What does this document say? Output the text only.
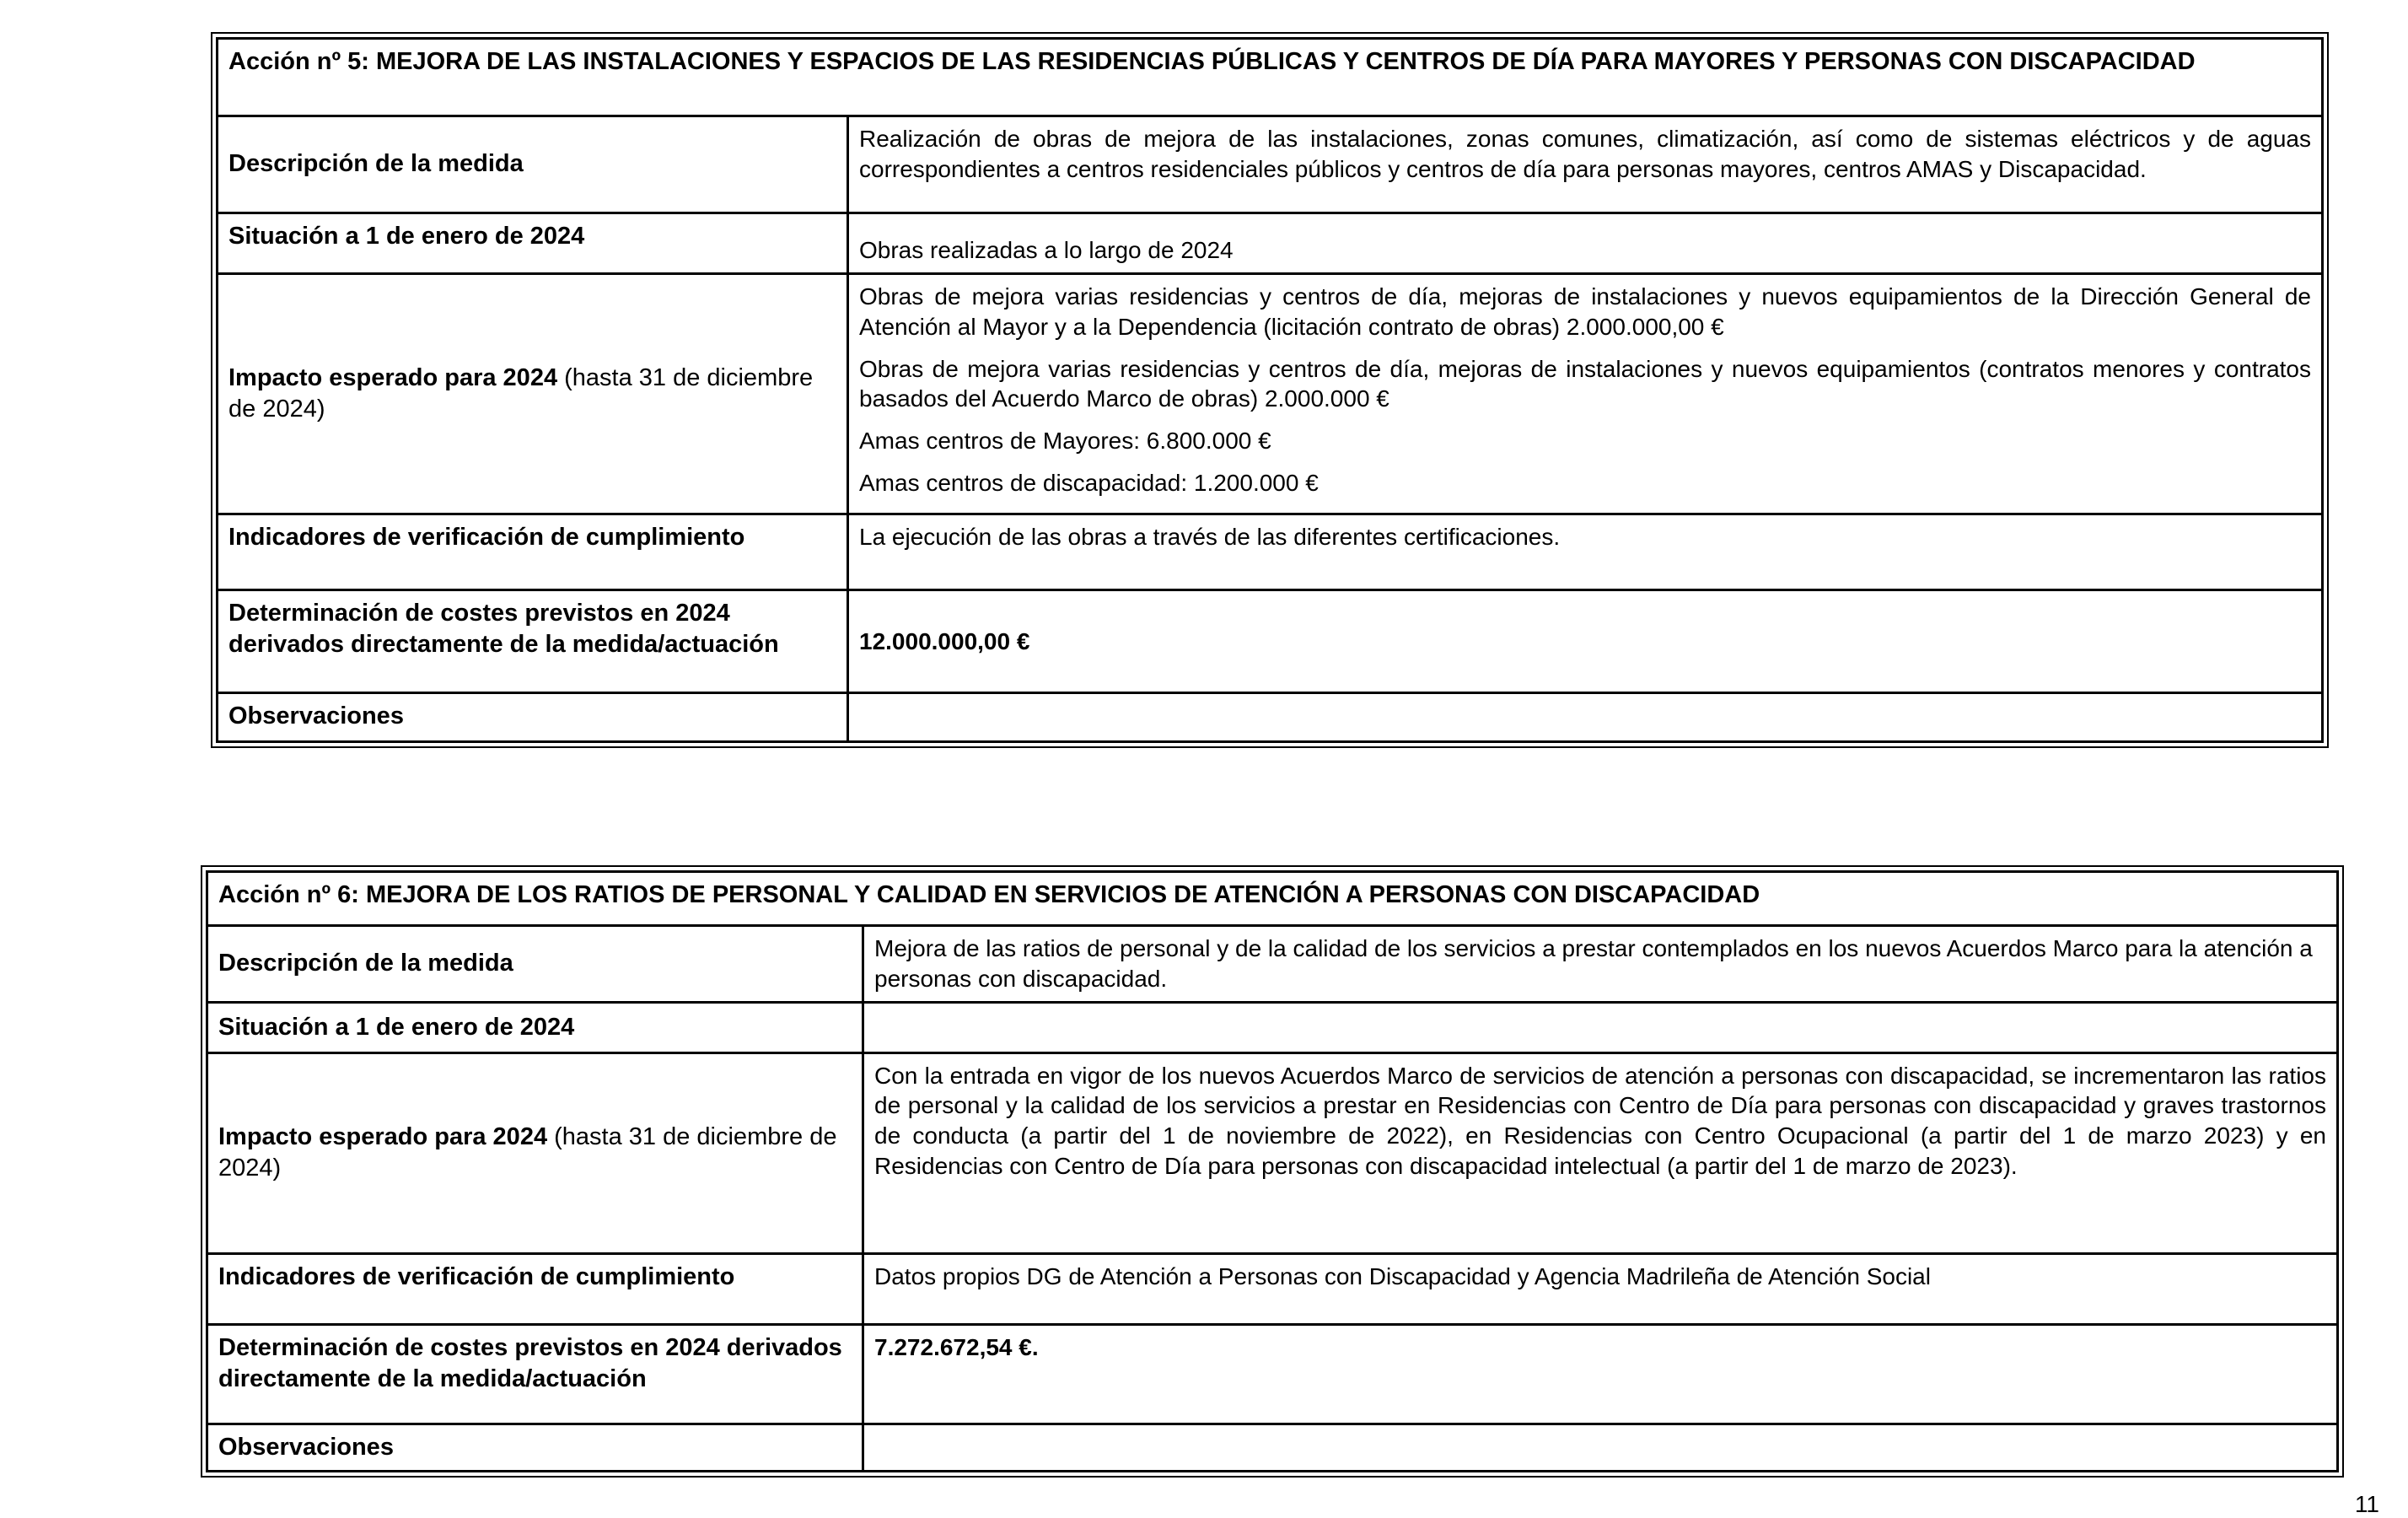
Acción nº 5: MEJORA DE LAS INSTALACIONES Y ESPACIOS DE LAS RESIDENCIAS PÚBLICAS Y CENTROS DE DÍA PARA MAYORES Y PERSONAS CON DISCAPACIDAD	
Descripción de la medida	Realización de obras de mejora de las instalaciones, zonas comunes, climatización, así como de sistemas eléctricos y de aguas correspondientes a centros residenciales públicos y centros de día para personas mayores, centros AMAS y Discapacidad.
Situación a 1 de enero de 2024	Obras realizadas a lo largo de 2024
Impacto esperado para 2024 (hasta 31 de diciembre de 2024)	Obras de mejora varias residencias y centros de día, mejoras de instalaciones y nuevos equipamientos de la Dirección General de Atención al Mayor y a la Dependencia (licitación contrato de obras) 2.000.000,00 €
Obras de mejora varias residencias y centros de día, mejoras de instalaciones y nuevos equipamientos (contratos menores y contratos basados del Acuerdo Marco de obras) 2.000.000 €
Amas centros de Mayores: 6.800.000 €
Amas centros de discapacidad: 1.200.000 €

Indicadores de verificación de cumplimiento	La ejecución de las obras a través de las diferentes certificaciones.
Determinación de costes previstos en 2024 derivados directamente de la medida/actuación	12.000.000,00 €
Observaciones	
Acción nº 6: MEJORA DE LOS RATIOS DE PERSONAL Y CALIDAD EN SERVICIOS DE ATENCIÓN A PERSONAS CON DISCAPACIDAD	
Descripción de la medida	Mejora de las ratios de personal y de la calidad de los servicios a prestar contemplados en los nuevos Acuerdos Marco para la atención a personas con discapacidad.
Situación a 1 de enero de 2024	
Impacto esperado para 2024 (hasta 31 de diciembre de 2024)	Con la entrada en vigor de los nuevos Acuerdos Marco de servicios de atención a personas con discapacidad, se incrementaron las ratios de personal y la calidad de los servicios a prestar en Residencias con Centro de Día para personas con discapacidad y graves trastornos de conducta (a partir del 1 de noviembre de 2022), en Residencias con Centro Ocupacional (a partir del 1 de marzo 2023) y en Residencias con Centro de Día para personas con discapacidad intelectual (a partir del 1 de marzo de 2023).
Indicadores de verificación de cumplimiento	Datos propios DG de Atención a Personas con Discapacidad y Agencia Madrileña de Atención Social
Determinación de costes previstos en 2024 derivados directamente de la medida/actuación	7.272.672,54 €.
Observaciones	
11
